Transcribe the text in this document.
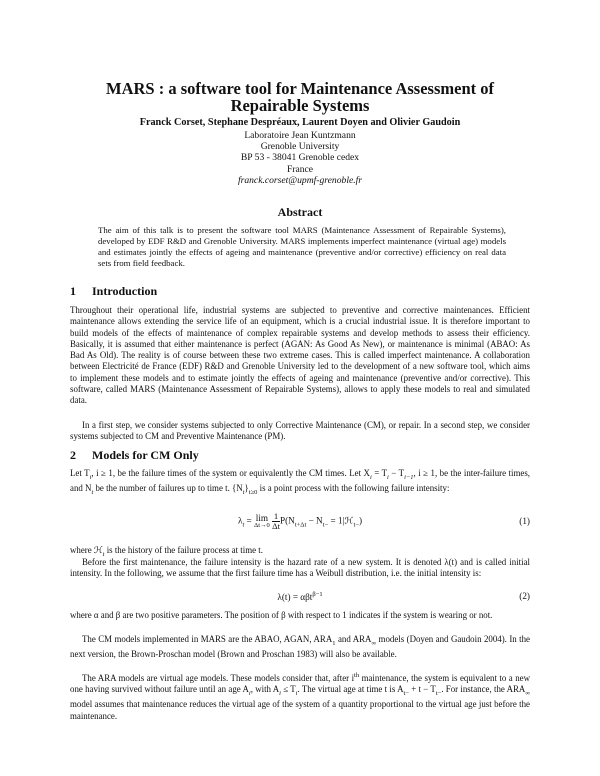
MARS : a software tool for Maintenance Assessment of Repairable Systems

Franck Corset, Stephane Despréaux, Laurent Doyen and Olivier Gaudoin

Laboratoire Jean Kuntzmann
Grenoble University
BP 53 - 38041 Grenoble cedex
France
franck.corset@upmf-grenoble.fr
Abstract

The aim of this talk is to present the software tool MARS (Maintenance Assessment of Repairable Systems), developed by EDF R&D and Grenoble University. MARS implements imperfect maintenance (virtual age) models and estimates jointly the effects of ageing and maintenance (preventive and/or corrective) efficiency on real data sets from field feedback.

1 Introduction

Throughout their operational life, industrial systems are subjected to preventive and corrective maintenances. Efficient maintenance allows extending the service life of an equipment, which is a crucial industrial issue. It is therefore important to build models of the effects of maintenance of complex repairable systems and develop methods to assess their efficiency. Basically, it is assumed that either maintenance is perfect (AGAN: As Good As New), or maintenance is minimal (ABAO: As Bad As Old). The reality is of course between these two extreme cases. This is called imperfect maintenance. A collaboration between Electricité de France (EDF) R&D and Grenoble University led to the development of a new software tool, which aims to implement these models and to estimate jointly the effects of ageing and maintenance (preventive and/or corrective). This software, called MARS (Maintenance Assessment of Repairable Systems), allows to apply these models to real and simulated data.

In a first step, we consider systems subjected to only Corrective Maintenance (CM), or repair. In a second step, we consider systems subjected to CM and Preventive Maintenance (PM).

2 Models for CM Only

Let $T_i$, i ≥ 1, be the failure times of the system or equivalently the CM times. Let $X_i = T_i - T_{i-1}$, i ≥ 1, be the inter-failure times, and $N_t$ be the number of failures up to time t. $\{N_t\}_{t\ge 0}$ is a point process with the following failure intensity:

$\lambda_t = \lim$
Δt→0
$\frac{1}{\Delta t} P(N_{t+\Delta t} - N_{t-}$ = 1|ℋ$_{t-}$)	(1)

where ℋ$_t$ is the history of the failure process at time t.

Before the first maintenance, the failure intensity is the hazard rate of a new system. It is denoted λ(t) and is called initial intensity. In the following, we assume that the first failure time has a Weibull distribution, i.e. the initial intensity is:

λ(t) = αβt$^{\beta-1}$	(2)

where α and β are two positive parameters. The position of β with respect to 1 indicates if the system is wearing or not.

The CM models implemented in MARS are the ABAO, AGAN, $ARA_1$ and $ARA_\infty$ models (Doyen and Gaudoin 2004). In the next version, the Brown-Proschan model (Brown and Proschan 1983) will also be available.

The ARA models are virtual age models. These models consider that, after $i^{th}$ maintenance, the system is equivalent to a new one having survived without failure until an age $A_i$, with $A_i \le T_i$. The virtual age at time t is $A_{t-} + t - T_{t-}$. For instance, the $ARA_\infty$ model assumes that maintenance reduces the virtual age of the system of a quantity proportional to the virtual age just before the maintenance.
